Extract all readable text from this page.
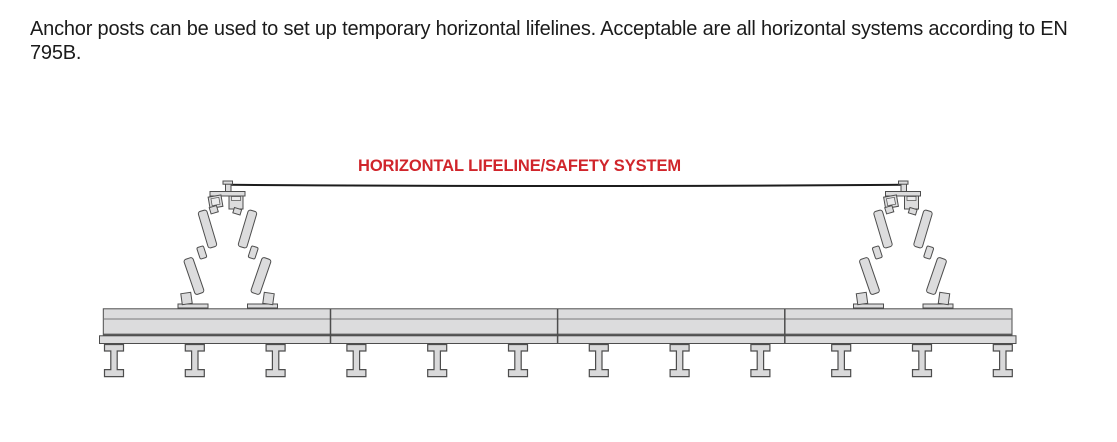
Anchor posts can be used to set up temporary horizontal lifelines. Acceptable are all horizontal systems according to EN 795B.

HORIZONTAL LIFELINE/SAFETY SYSTEM
